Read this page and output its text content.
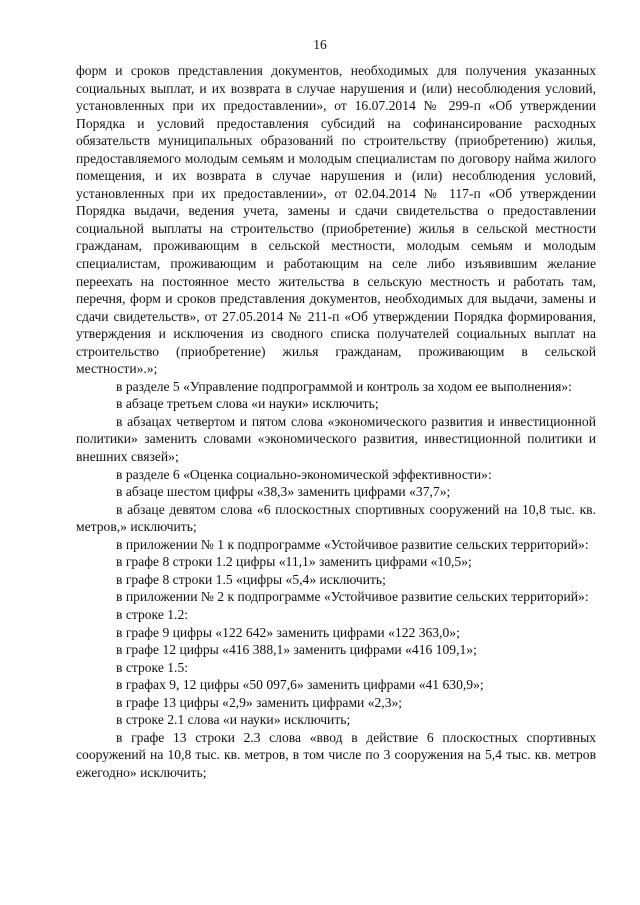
16

форм и сроков представления документов, необходимых для получения указанных социальных выплат, и их возврата в случае нарушения и (или) несоблюдения условий, установленных при их предоставлении», от 16.07.2014 № 299-п «Об утверждении Порядка и условий предоставления субсидий на софинансирование расходных обязательств муниципальных образований по строительству (приобретению) жилья, предоставляемого молодым семьям и молодым специалистам по договору найма жилого помещения, и их возврата в случае нарушения и (или) несоблюдения условий, установленных при их предоставлении», от 02.04.2014 № 117-п «Об утверждении Порядка выдачи, ведения учета, замены и сдачи свидетельства о предоставлении социальной выплаты на строительство (приобретение) жилья в сельской местности гражданам, проживающим в сельской местности, молодым семьям и молодым специалистам, проживающим и работающим на селе либо изъявившим желание переехать на постоянное место жительства в сельскую местность и работать там, перечня, форм и сроков представления документов, необходимых для выдачи, замены и сдачи свидетельств», от 27.05.2014 № 211-п «Об утверждении Порядка формирования, утверждения и исключения из сводного списка получателей социальных выплат на строительство (приобретение) жилья гражданам, проживающим в сельской местности».»;

в разделе 5 «Управление подпрограммой и контроль за ходом ее выполнения»:

в абзаце третьем слова «и науки» исключить;

в абзацах четвертом и пятом слова «экономического развития и инвестиционной политики» заменить словами «экономического развития, инвестиционной политики и внешних связей»;

в разделе 6 «Оценка социально-экономической эффективности»:

в абзаце шестом цифры «38,3» заменить цифрами «37,7»;

в абзаце девятом слова «6 плоскостных спортивных сооружений на 10,8 тыс. кв. метров,» исключить;

в приложении № 1 к подпрограмме «Устойчивое развитие сельских территорий»:

в графе 8 строки 1.2 цифры «11,1» заменить цифрами «10,5»;

в графе 8 строки 1.5 «цифры «5,4» исключить;

в приложении № 2 к подпрограмме «Устойчивое развитие сельских территорий»:

в строке 1.2:

в графе 9 цифры «122 642» заменить цифрами «122 363,0»;

в графе 12 цифры «416 388,1» заменить цифрами «416 109,1»;

в строке 1.5:

в графах 9, 12 цифры «50 097,6» заменить цифрами «41 630,9»;

в графе 13 цифры «2,9» заменить цифрами «2,3»;

в строке 2.1 слова «и науки» исключить;

в графе 13 строки 2.3 слова «ввод в действие 6 плоскостных спортивных сооружений на 10,8 тыс. кв. метров, в том числе по 3 сооружения на 5,4 тыс. кв. метров ежегодно» исключить;
